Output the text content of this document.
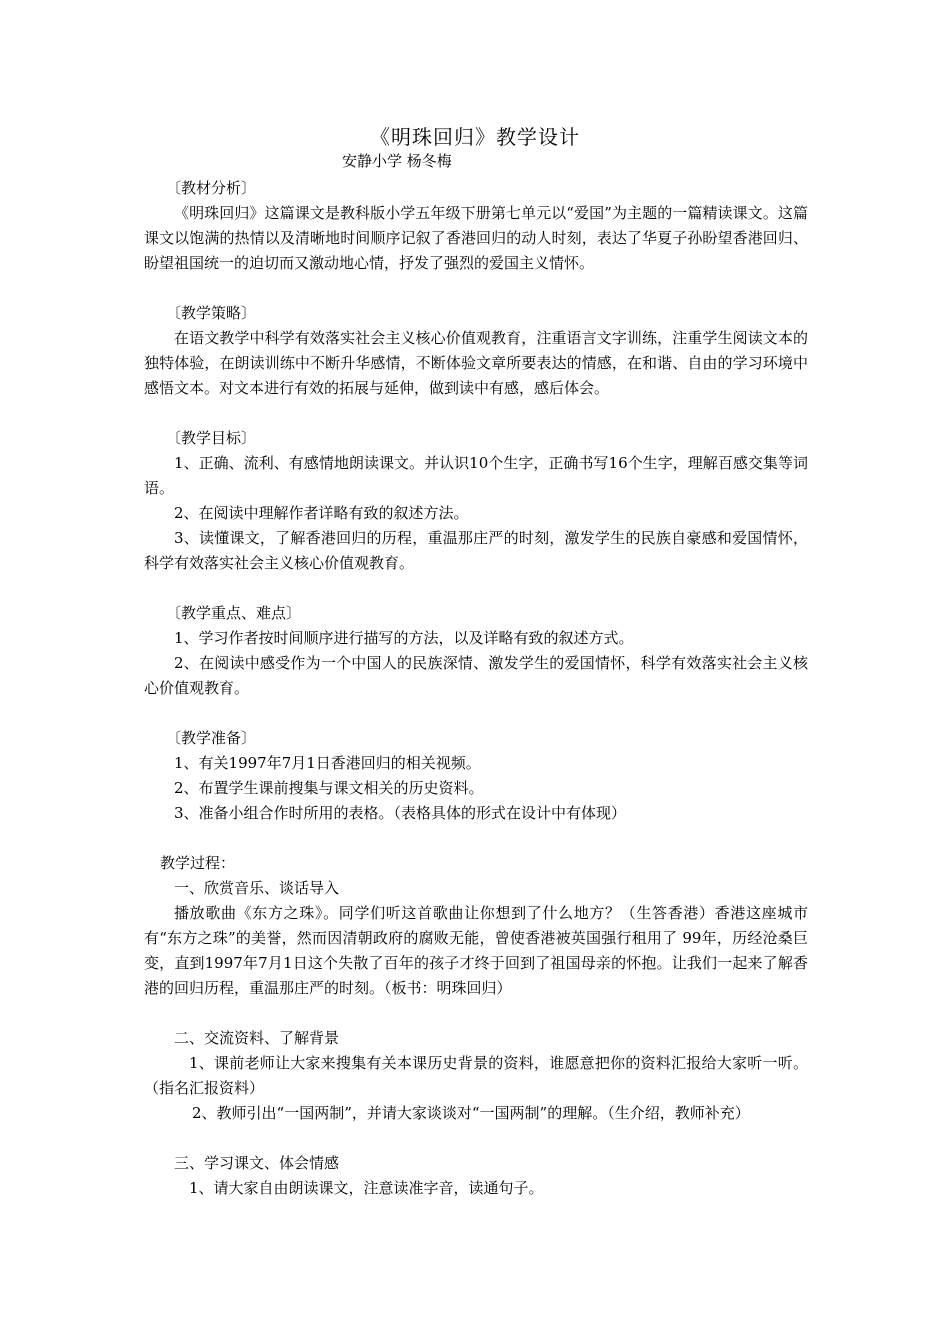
《明珠回归》教学设计
安静小学 杨冬梅

〔教材分析〕

《明珠回归》这篇课文是教科版小学五年级下册第七单元以“爱国”为主题的一篇精读课文。这篇课文以饱满的热情以及清晰地时间顺序记叙了香港回归的动人时刻，表达了华夏子孙盼望香港回归、盼望祖国统一的迫切而又激动地心情，抒发了强烈的爱国主义情怀。

〔教学策略〕

在语文教学中科学有效落实社会主义核心价值观教育，注重语言文字训练，注重学生阅读文本的独特体验，在朗读训练中不断升华感情，不断体验文章所要表达的情感，在和谐、自由的学习环境中感悟文本。对文本进行有效的拓展与延伸，做到读中有感，感后体会。

〔教学目标〕

1、正确、流利、有感情地朗读课文。并认识10个生字，正确书写16个生字，理解百感交集等词语。

2、在阅读中理解作者详略有致的叙述方法。

3、读懂课文，了解香港回归的历程，重温那庄严的时刻，激发学生的民族自豪感和爱国情怀，科学有效落实社会主义核心价值观教育。

〔教学重点、难点〕

1、学习作者按时间顺序进行描写的方法，以及详略有致的叙述方式。

2、在阅读中感受作为一个中国人的民族深情、激发学生的爱国情怀，科学有效落实社会主义核心价值观教育。

〔教学准备〕

1、有关1997年7月1日香港回归的相关视频。

2、布置学生课前搜集与课文相关的历史资料。

3、准备小组合作时所用的表格。（表格具体的形式在设计中有体现）

教学过程：

一、欣赏音乐、谈话导入

播放歌曲《东方之珠》。同学们听这首歌曲让你想到了什么地方？（生答香港）香港这座城市有“东方之珠”的美誉，然而因清朝政府的腐败无能，曾使香港被英国强行租用了 99年，历经沧桑巨变，直到1997年7月1日这个失散了百年的孩子才终于回到了祖国母亲的怀抱。让我们一起来了解香港的回归历程，重温那庄严的时刻。（板书：明珠回归）

二、交流资料、了解背景

1、课前老师让大家来搜集有关本课历史背景的资料，谁愿意把你的资料汇报给大家听一听。（指名汇报资料）

2、教师引出“一国两制”，并请大家谈谈对“一国两制”的理解。（生介绍，教师补充）

三、学习课文、体会情感

1、请大家自由朗读课文，注意读准字音，读通句子。
